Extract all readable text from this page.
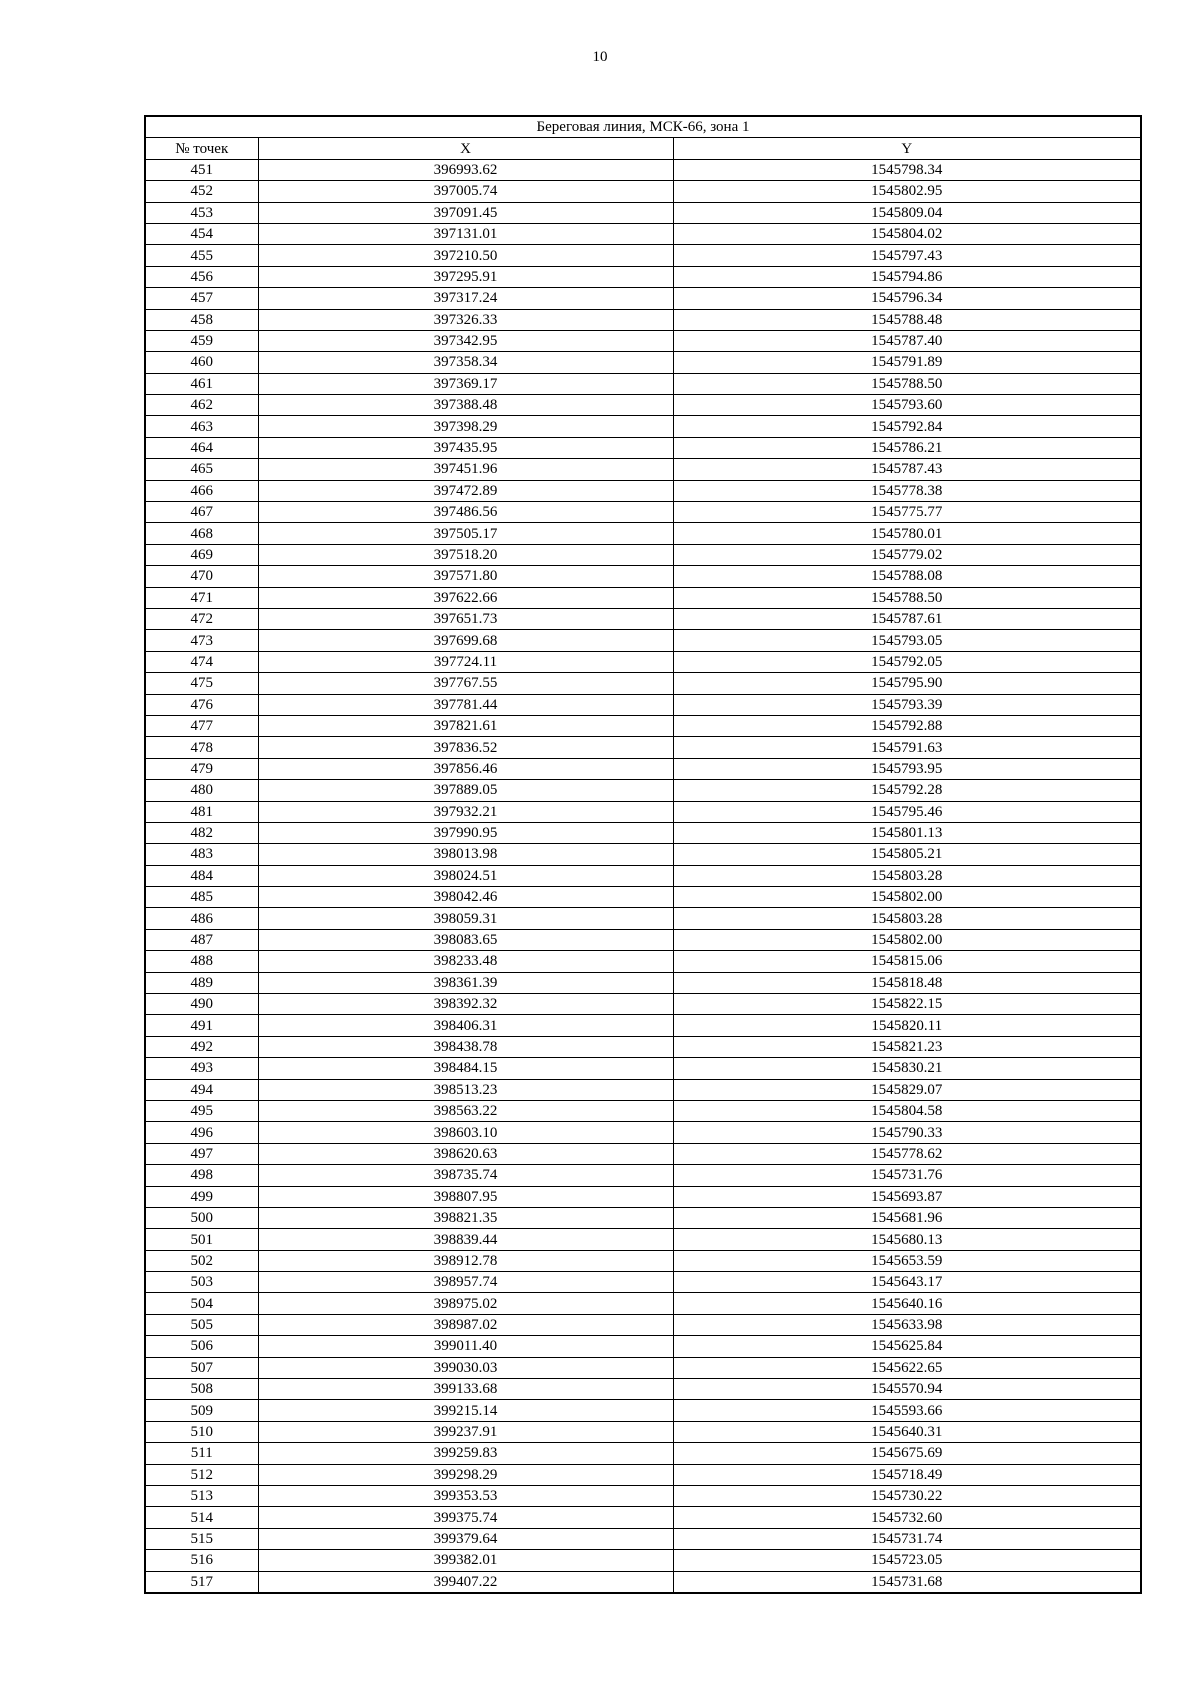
10
Береговая линия, МСК-66, зона 1		
№ точек	X	Y
451	396993.62	1545798.34
452	397005.74	1545802.95
453	397091.45	1545809.04
454	397131.01	1545804.02
455	397210.50	1545797.43
456	397295.91	1545794.86
457	397317.24	1545796.34
458	397326.33	1545788.48
459	397342.95	1545787.40
460	397358.34	1545791.89
461	397369.17	1545788.50
462	397388.48	1545793.60
463	397398.29	1545792.84
464	397435.95	1545786.21
465	397451.96	1545787.43
466	397472.89	1545778.38
467	397486.56	1545775.77
468	397505.17	1545780.01
469	397518.20	1545779.02
470	397571.80	1545788.08
471	397622.66	1545788.50
472	397651.73	1545787.61
473	397699.68	1545793.05
474	397724.11	1545792.05
475	397767.55	1545795.90
476	397781.44	1545793.39
477	397821.61	1545792.88
478	397836.52	1545791.63
479	397856.46	1545793.95
480	397889.05	1545792.28
481	397932.21	1545795.46
482	397990.95	1545801.13
483	398013.98	1545805.21
484	398024.51	1545803.28
485	398042.46	1545802.00
486	398059.31	1545803.28
487	398083.65	1545802.00
488	398233.48	1545815.06
489	398361.39	1545818.48
490	398392.32	1545822.15
491	398406.31	1545820.11
492	398438.78	1545821.23
493	398484.15	1545830.21
494	398513.23	1545829.07
495	398563.22	1545804.58
496	398603.10	1545790.33
497	398620.63	1545778.62
498	398735.74	1545731.76
499	398807.95	1545693.87
500	398821.35	1545681.96
501	398839.44	1545680.13
502	398912.78	1545653.59
503	398957.74	1545643.17
504	398975.02	1545640.16
505	398987.02	1545633.98
506	399011.40	1545625.84
507	399030.03	1545622.65
508	399133.68	1545570.94
509	399215.14	1545593.66
510	399237.91	1545640.31
511	399259.83	1545675.69
512	399298.29	1545718.49
513	399353.53	1545730.22
514	399375.74	1545732.60
515	399379.64	1545731.74
516	399382.01	1545723.05
517	399407.22	1545731.68
